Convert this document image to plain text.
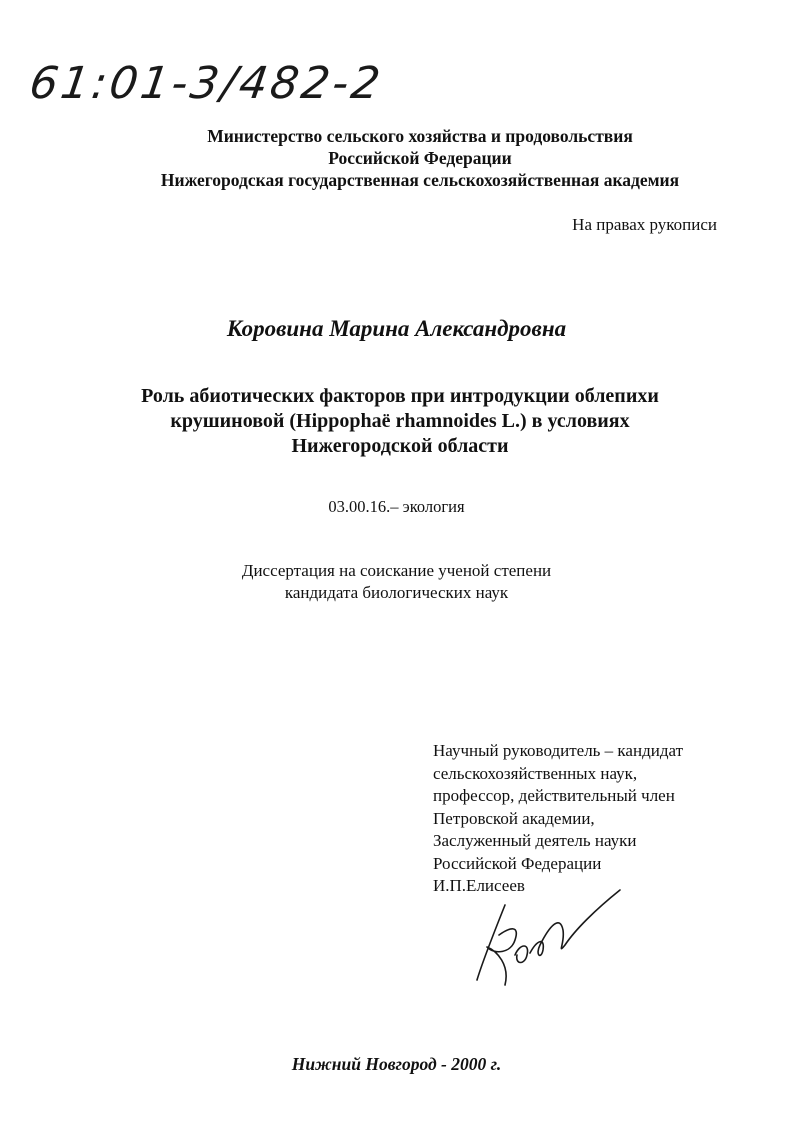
61:01-3/482-2
Министерство сельского хозяйства и продовольствия
Российской Федерации
Нижегородская государственная сельскохозяйственная академия
На правах рукописи
Коровина Марина Александровна
Роль абиотических факторов при интродукции облепихи
крушиновой (Hippophaë rhamnoides L.) в условиях
Нижегородской области
03.00.16.– экология
Диссертация на соискание ученой степени
кандидата биологических наук
Научный руководитель – кандидат
сельскохозяйственных наук,
профессор, действительный член
Петровской академии,
Заслуженный деятель науки
Российской Федерации
И.П.Елисеев
Нижний Новгород - 2000 г.
